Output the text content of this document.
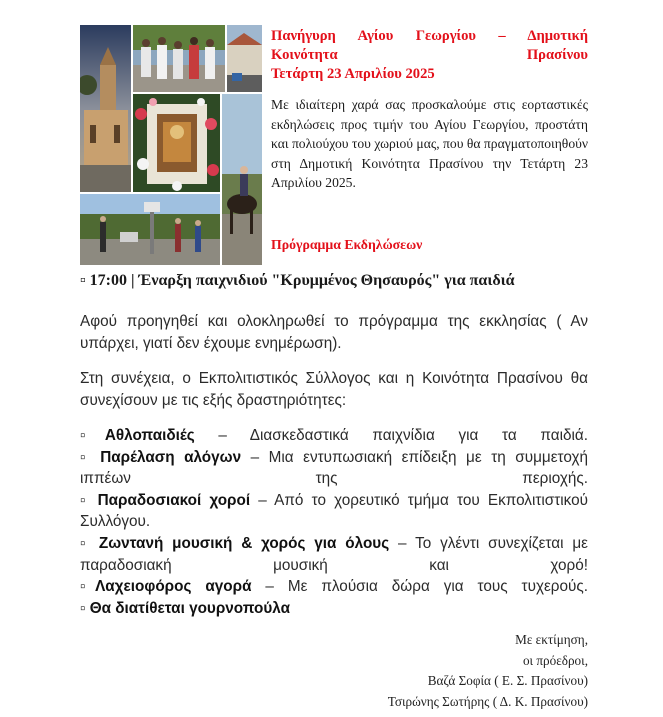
Πανήγυρη Αγίου Γεωργίου – Δημοτική

Κοινότητα Πρασίνου

Τετάρτη 23 Απριλίου 2025

Με ιδιαίτερη χαρά σας προσκαλούμε στις εορταστικές εκδηλώσεις προς τιμήν του Αγίου Γεωργίου, προστάτη και πολιούχου του χωριού μας, που θα πραγματοποιηθούν στη Δημοτική Κοινότητα Πρασίνου την Τετάρτη 23 Απριλίου 2025.

Πρόγραμμα Εκδηλώσεων

▫ 17:00 | Έναρξη παιχνιδιού "Κρυμμένος Θησαυρός" για παιδιά

Αφού προηγηθεί και ολοκληρωθεί το πρόγραμμα της εκκλησίας ( Αν υπάρχει, γιατί δεν έχουμε ενημέρωση).

Στη συνέχεια, ο Εκπολιτιστικός Σύλλογος και η Κοινότητα Πρασίνου θα συνεχίσουν με τις εξής δραστηριότητες:

▫Αθλοπαιδιές – Διασκεδαστικά παιχνίδια για τα παιδιά.
▫ Παρέλαση αλόγων – Μια εντυπωσιακή επίδειξη με τη συμμετοχή ιππέων της περιοχής.
▫ Παραδοσιακοί χοροί – Από το χορευτικό τμήμα του Εκπολιτιστικού Συλλόγου.
▫ Ζωντανή μουσική & χορός για όλους – Το γλέντι συνεχίζεται με παραδοσιακή μουσική και χορό!
▫Λαχειοφόρος αγορά – Με πλούσια δώρα για τους τυχερούς.
▫ Θα διατίθεται γουρνοπούλα
Με εκτίμηση,
οι πρόεδροι,
Βαζά Σοφία ( Ε. Σ. Πρασίνου)
Τσιρώνης Σωτήρης ( Δ. Κ. Πρασίνου)
